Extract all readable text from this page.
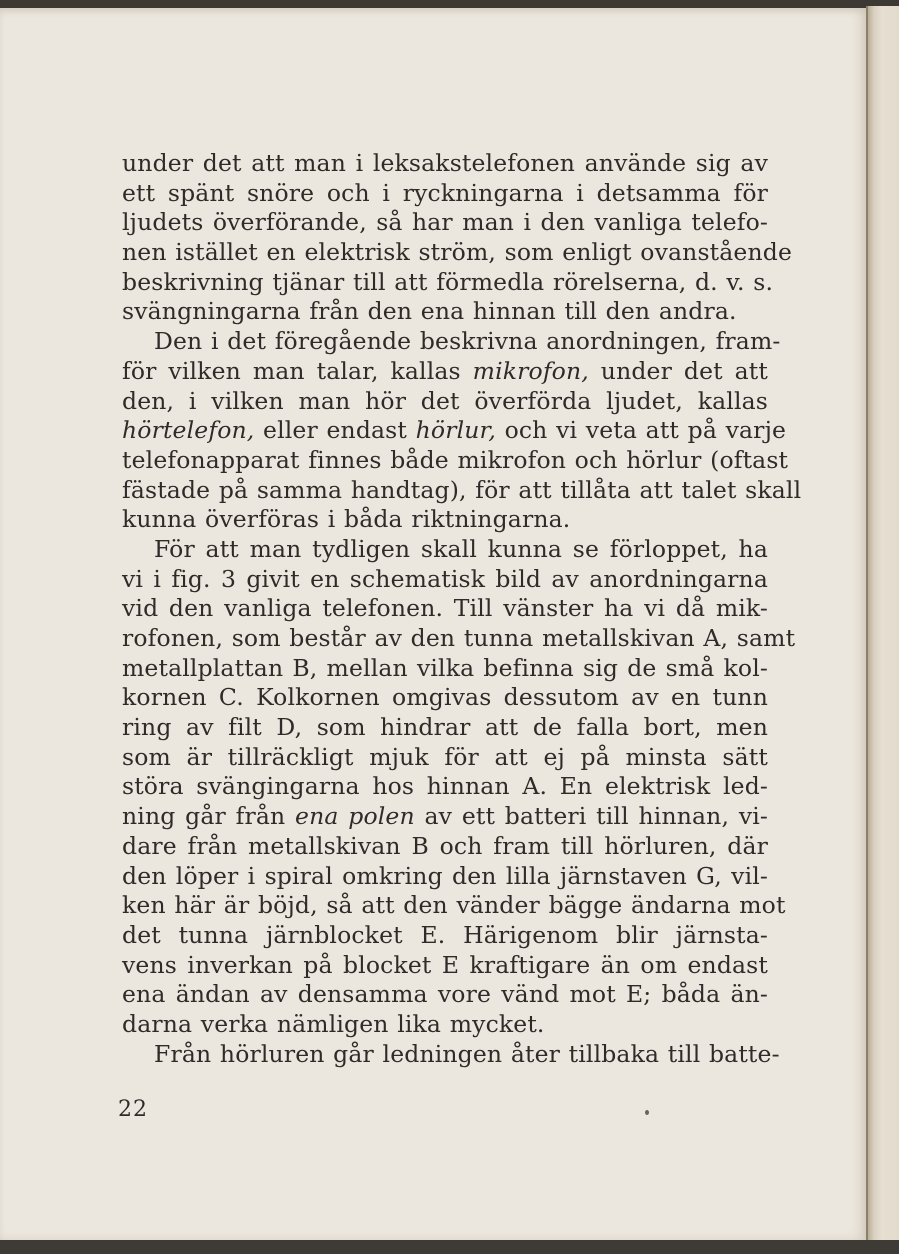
under det att man i leksakstelefonen använde sig av
ett spänt snöre och i ryckningarna i detsamma för
ljudets överförande, så har man i den vanliga telefo-
nen istället en elektrisk ström, som enligt ovanstående
beskrivning tjänar till att förmedla rörelserna, d. v. s.
svängningarna från den ena hinnan till den andra.
Den i det föregående beskrivna anordningen, fram-
för vilken man talar, kallas mikrofon, under det att
den, i vilken man hör det överförda ljudet, kallas
hörtelefon, eller endast hörlur, och vi veta att på varje
telefonapparat finnes både mikrofon och hörlur (oftast
fästade på samma handtag), för att tillåta att talet skall
kunna överföras i båda riktningarna.
För att man tydligen skall kunna se förloppet, ha
vi i fig. 3 givit en schematisk bild av anordningarna
vid den vanliga telefonen. Till vänster ha vi då mik-
rofonen, som består av den tunna metallskivan A, samt
metallplattan B, mellan vilka befinna sig de små kol-
kornen C. Kolkornen omgivas dessutom av en tunn
ring av filt D, som hindrar att de falla bort, men
som är tillräckligt mjuk för att ej på minsta sätt
störa svängingarna hos hinnan A. En elektrisk led-
ning går från ena polen av ett batteri till hinnan, vi-
dare från metallskivan B och fram till hörluren, där
den löper i spiral omkring den lilla järnstaven G, vil-
ken här är böjd, så att den vänder bägge ändarna mot
det tunna järnblocket E. Härigenom blir järnsta-
vens inverkan på blocket E kraftigare än om endast
ena ändan av densamma vore vänd mot E; båda än-
darna verka nämligen lika mycket.
Från hörluren går ledningen åter tillbaka till batte-
22
